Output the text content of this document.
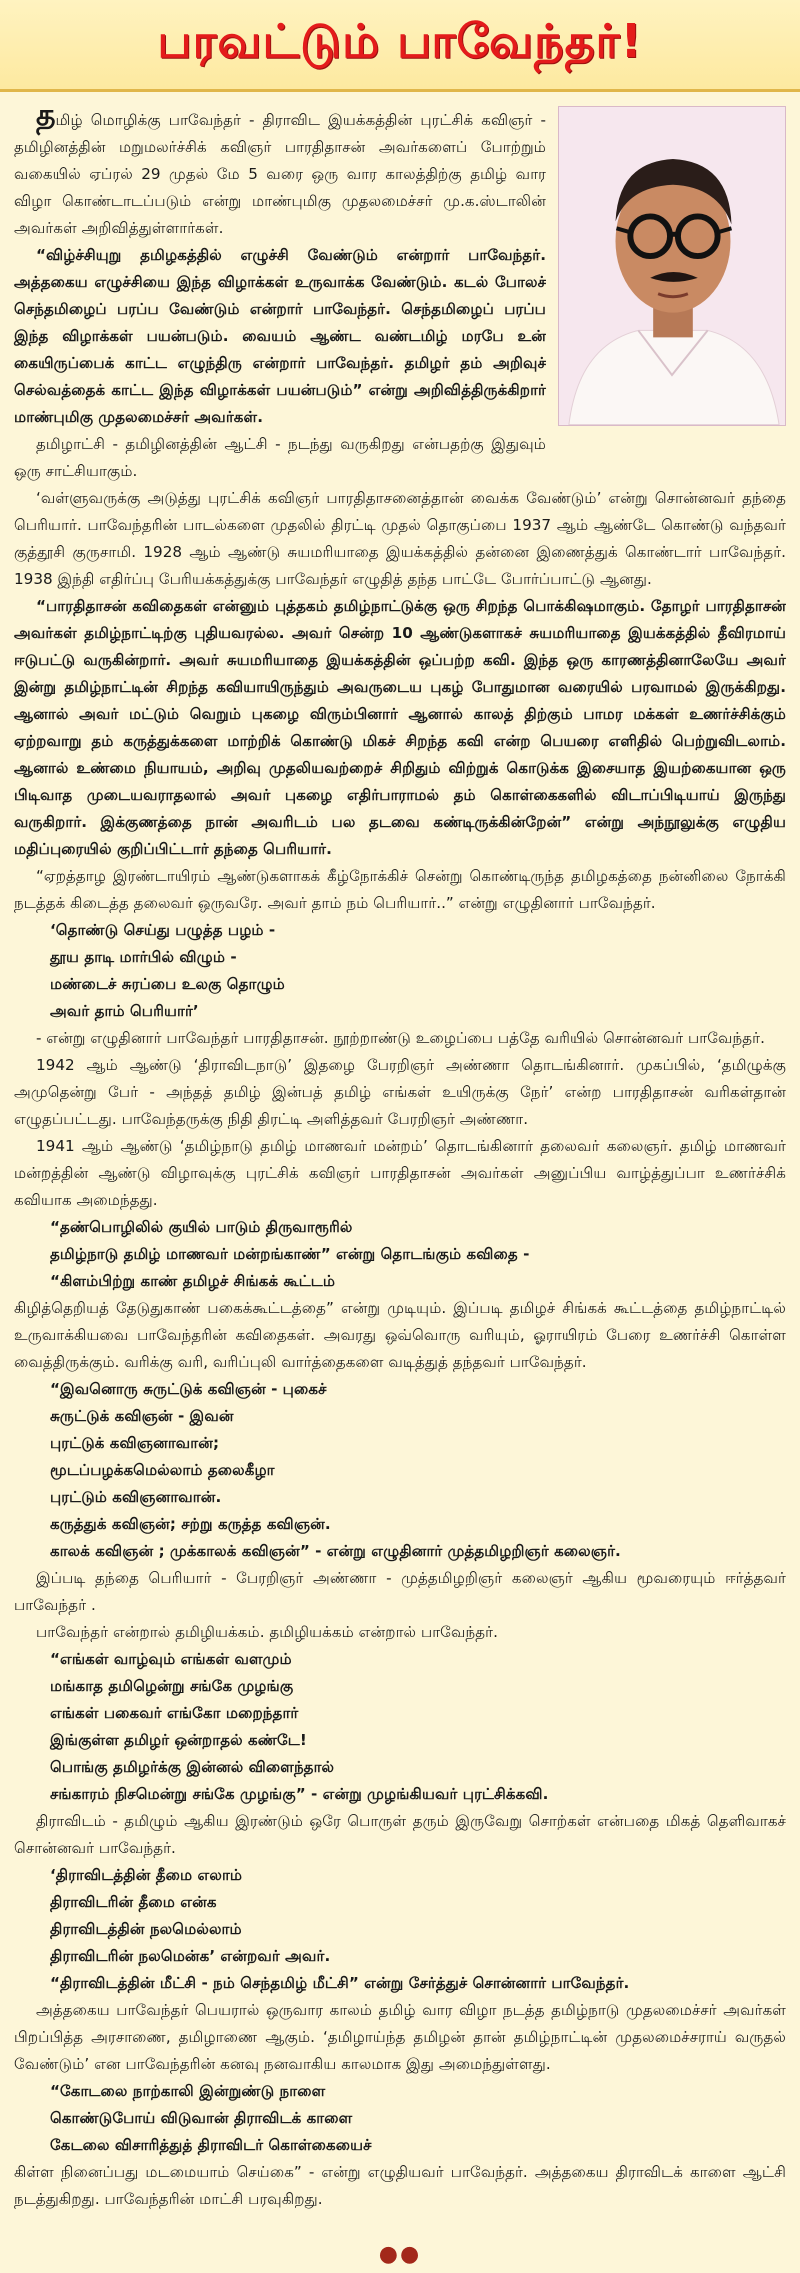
பரவட்டும் பாவேந்தர்!

தமிழ் மொழிக்கு பாவேந்தர் - திராவிட இயக்கத்தின் புரட்சிக் கவிஞர் - தமிழினத்தின் மறுமலர்ச்சிக் கவிஞர் பாரதிதாசன் அவர்களைப் போற்றும் வகையில் ஏப்ரல் 29 முதல் மே 5 வரை ஒரு வார காலத்திற்கு தமிழ் வார விழா கொண்டாடப்படும் என்று மாண்புமிகு முதலமைச்சர் மு.க.ஸ்டாலின் அவர்கள் அறிவித்துள்ளார்கள்.

“விழ்ச்சியுறு தமிழகத்தில் எழுச்சி வேண்டும் என்றார் பாவேந்தர். அத்தகைய எழுச்சியை இந்த விழாக்கள் உருவாக்க வேண்டும். கடல் போலச் செந்தமிழைப் பரப்ப வேண்டும் என்றார் பாவேந்தர். செந்தமிழைப் பரப்ப இந்த விழாக்கள் பயன்படும். வையம் ஆண்ட வண்டமிழ் மரபே உன் கையிருப்பைக் காட்ட எழுந்திரு என்றார் பாவேந்தர். தமிழர் தம் அறிவுச் செல்வத்தைக் காட்ட இந்த விழாக்கள் பயன்படும்” என்று அறிவித்திருக்கிறார் மாண்புமிகு முதலமைச்சர் அவர்கள்.

தமிழாட்சி - தமிழினத்தின் ஆட்சி - நடந்து வருகிறது என்பதற்கு இதுவும் ஒரு சாட்சியாகும்.

‘வள்ளுவருக்கு அடுத்து புரட்சிக் கவிஞர் பாரதிதாசனைத்தான் வைக்க வேண்டும்’ என்று சொன்னவர் தந்தை பெரியார். பாவேந்தரின் பாடல்களை முதலில் திரட்டி முதல் தொகுப்பை 1937 ஆம் ஆண்டே கொண்டு வந்தவர் குத்தூசி குருசாமி. 1928 ஆம் ஆண்டு சுயமரியாதை இயக்கத்தில் தன்னை இணைத்துக் கொண்டார் பாவேந்தர். 1938 இந்தி எதிர்ப்பு பேரியக்கத்துக்கு பாவேந்தர் எழுதித் தந்த பாட்டே போர்ப்பாட்டு ஆனது.

“பாரதிதாசன் கவிதைகள் என்னும் புத்தகம் தமிழ்நாட்டுக்கு ஒரு சிறந்த பொக்கிஷமாகும். தோழர் பாரதிதாசன் அவர்கள் தமிழ்நாட்டிற்கு புதியவரல்ல. அவர் சென்ற 10 ஆண்டுகளாகச் சுயமரியாதை இயக்கத்தில் தீவிரமாய் ஈடுபட்டு வருகின்றார். அவர் சுயமரியாதை இயக்கத்தின் ஒப்பற்ற கவி. இந்த ஒரு காரணத்தினாலேயே அவர் இன்று தமிழ்நாட்டின் சிறந்த கவியாயிருந்தும் அவருடைய புகழ் போதுமான வரையில் பரவாமல் இருக்கிறது. ஆனால் அவர் மட்டும் வெறும் புகழை விரும்பினார் ஆனால் காலத் திற்கும் பாமர மக்கள் உணர்ச்சிக்கும் ஏற்றவாறு தம் கருத்துக்களை மாற்றிக் கொண்டு மிகச் சிறந்த கவி என்ற பெயரை எளிதில் பெற்றுவிடலாம். ஆனால் உண்மை நியாயம், அறிவு முதலியவற்றைச் சிறிதும் விற்றுக் கொடுக்க இசையாத இயற்கையான ஒரு பிடிவாத முடையவராதலால் அவர் புகழை எதிர்பாராமல் தம் கொள்கைகளில் விடாப்பிடியாய் இருந்து வருகிறார். இக்குணத்தை நான் அவரிடம் பல தடவை கண்டிருக்கின்றேன்” என்று அந்நூலுக்கு எழுதிய மதிப்புரையில் குறிப்பிட்டார் தந்தை பெரியார்.

“ஏறத்தாழ இரண்டாயிரம் ஆண்டுகளாகக் கீழ்நோக்கிச் சென்று கொண்டிருந்த தமிழகத்தை நன்னிலை நோக்கி நடத்தக் கிடைத்த தலைவர் ஒருவரே. அவர் தாம் நம் பெரியார்..” என்று எழுதினார் பாவேந்தர்.

‘தொண்டு செய்து பழுத்த பழம் -
தூய தாடி மார்பில் விழும் -
மண்டைச் சுரப்பை உலகு தொழும்
அவர் தாம் பெரியார்’

- என்று எழுதினார் பாவேந்தர் பாரதிதாசன். நூற்றாண்டு உழைப்பை பத்தே வரியில் சொன்னவர் பாவேந்தர்.

1942 ஆம் ஆண்டு ‘திராவிடநாடு’ இதழை பேரறிஞர் அண்ணா தொடங்கினார். முகப்பில், ‘தமிழுக்கு அமுதென்று பேர் - அந்தத் தமிழ் இன்பத் தமிழ் எங்கள் உயிருக்கு நேர்’ என்ற பாரதிதாசன் வரிகள்தான் எழுதப்பட்டது. பாவேந்தருக்கு நிதி திரட்டி அளித்தவர் பேரறிஞர் அண்ணா.

1941 ஆம் ஆண்டு ‘தமிழ்நாடு தமிழ் மாணவர் மன்றம்’ தொடங்கினார் தலைவர் கலைஞர். தமிழ் மாணவர் மன்றத்தின் ஆண்டு விழாவுக்கு புரட்சிக் கவிஞர் பாரதிதாசன் அவர்கள் அனுப்பிய வாழ்த்துப்பா உணர்ச்சிக் கவியாக அமைந்தது.

“தண்பொழிலில் குயில் பாடும் திருவாரூரில்
தமிழ்நாடு தமிழ் மாணவர் மன்றங்காண்” என்று தொடங்கும் கவிதை -
“கிளம்பிற்று காண் தமிழச் சிங்கக் கூட்டம்

கிழித்தெறியத் தேடுதுகாண் பகைக்கூட்டத்தை” என்று முடியும். இப்படி தமிழச் சிங்கக் கூட்டத்தை தமிழ்நாட்டில் உருவாக்கியவை பாவேந்தரின் கவிதைகள். அவரது ஒவ்வொரு வரியும், ஓராயிரம் பேரை உணர்ச்சி கொள்ள வைத்திருக்கும். வரிக்கு வரி, வரிப்புலி வார்த்தைகளை வடித்துத் தந்தவர் பாவேந்தர்.

“இவனொரு சுருட்டுக் கவிஞன் - புகைச்
சுருட்டுக் கவிஞன் - இவன்
புரட்டுக் கவிஞனாவான்;
மூடப்பழக்கமெல்லாம் தலைகீழா
புரட்டும் கவிஞனாவான்.
கருத்துக் கவிஞன்; சற்று கருத்த கவிஞன்.
காலக் கவிஞன் ; முக்காலக் கவிஞன்” - என்று எழுதினார் முத்தமிழறிஞர் கலைஞர்.

இப்படி தந்தை பெரியார் - பேரறிஞர் அண்ணா - முத்தமிழறிஞர் கலைஞர் ஆகிய மூவரையும் ஈர்த்தவர் பாவேந்தர் .

பாவேந்தர் என்றால் தமிழியக்கம். தமிழியக்கம் என்றால் பாவேந்தர்.

“எங்கள் வாழ்வும் எங்கள் வளமும்
மங்காத தமிழென்று சங்கே முழங்கு
எங்கள் பகைவர் எங்கோ மறைந்தார்
இங்குள்ள தமிழர் ஒன்றாதல் கண்டே!
பொங்கு தமிழர்க்கு இன்னல் விளைந்தால்
சங்காரம் நிசமென்று சங்கே முழங்கு” - என்று முழங்கியவர் புரட்சிக்கவி.

திராவிடம் - தமிழும் ஆகிய இரண்டும் ஒரே பொருள் தரும் இருவேறு சொற்கள் என்பதை மிகத் தெளிவாகச் சொன்னவர் பாவேந்தர்.

‘திராவிடத்தின் தீமை எலாம்
திராவிடரின் தீமை என்க
திராவிடத்தின் நலமெல்லாம்
திராவிடரின் நலமென்க’ என்றவர் அவர்.
“திராவிடத்தின் மீட்சி - நம் செந்தமிழ் மீட்சி” என்று சேர்த்துச் சொன்னார் பாவேந்தர்.

அத்தகைய பாவேந்தர் பெயரால் ஒருவார காலம் தமிழ் வார விழா நடத்த தமிழ்நாடு முதலமைச்சர் அவர்கள் பிறப்பித்த அரசாணை, தமிழாணை ஆகும். ‘தமிழாய்ந்த தமிழன் தான் தமிழ்நாட்டின் முதலமைச்சராய் வருதல் வேண்டும்’ என பாவேந்தரின் கனவு நனவாகிய காலமாக இது அமைந்துள்ளது.

“கோடலை நாற்காலி இன்றுண்டு நாளை
கொண்டுபோய் விடுவான் திராவிடக் காளை
கேடலை விசாரித்துத் திராவிடர் கொள்கையைச்

கிள்ள நினைப்பது மடமையாம் செய்கை” - என்று எழுதியவர் பாவேந்தர். அத்தகைய திராவிடக் காளை ஆட்சி நடத்துகிறது. பாவேந்தரின் மாட்சி பரவுகிறது.

●●
